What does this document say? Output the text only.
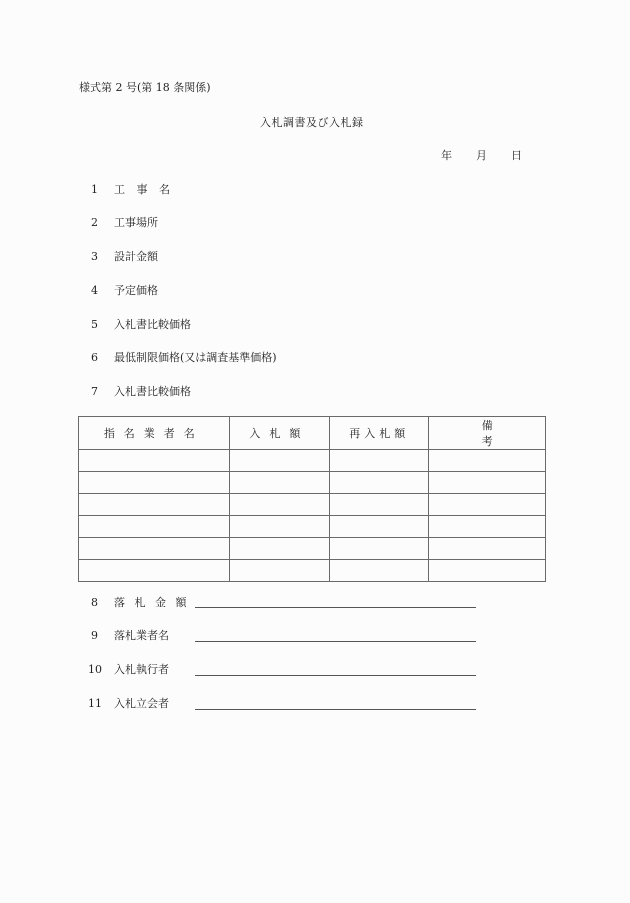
様式第 2 号(第 18 条関係)
入札調書及び入札録
年 月 日
1	工 事 名
2	工事場所
3	設計金額
4	予定価格
5	入札書比較価格
6	最低制限価格(又は調査基準価格)
7	入札書比較価格
指名業者名	入札額	再入札額	備考

8	落 札 金 額
9	落札業者名
10 入札執行者
11 入札立会者
